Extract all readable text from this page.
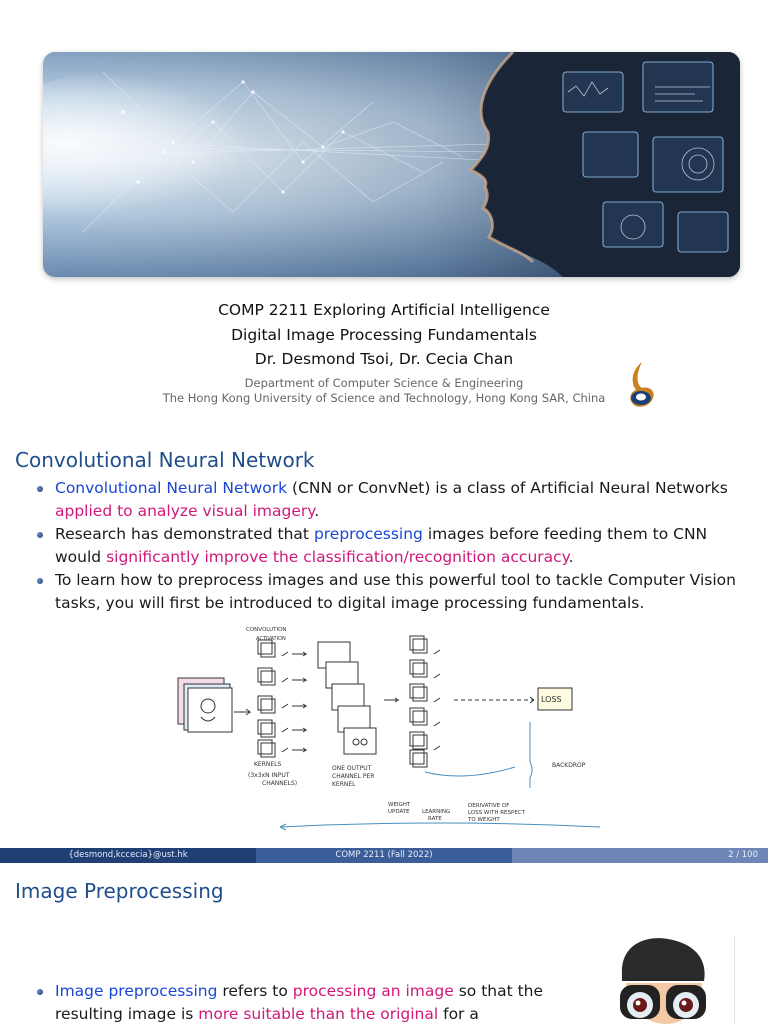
COMP 2211 Exploring Artificial Intelligence
Digital Image Processing Fundamentals
Dr. Desmond Tsoi, Dr. Cecia Chan
Department of Computer Science & Engineering
The Hong Kong University of Science and Technology, Hong Kong SAR, China
Convolutional Neural Network
Convolutional Neural Network (CNN or ConvNet) is a class of Artificial Neural Networks applied to analyze visual imagery.
Research has demonstrated that preprocessing images before feeding them to CNN would significantly improve the classification/recognition accuracy.
To learn how to preprocess images and use this powerful tool to tackle Computer Vision tasks, you will first be introduced to digital image processing fundamentals.
CONVOLUTION
ACTIVATION
LOSS
KERNELS
(3x3xN INPUT
CHANNELS)
ONE OUTPUT
CHANNEL PER
KERNEL
BACKDROP
WEIGHT
UPDATE LEARNING
RATE
DERIVATIVE OF
LOSS WITH RESPECT
TO WEIGHT
{desmond,kccecia}@ust.hk	COMP 2211 (Fall 2022)	2 / 100
Image Preprocessing
Image preprocessing refers to processing an image so that the resulting image is more suitable than the original for a
